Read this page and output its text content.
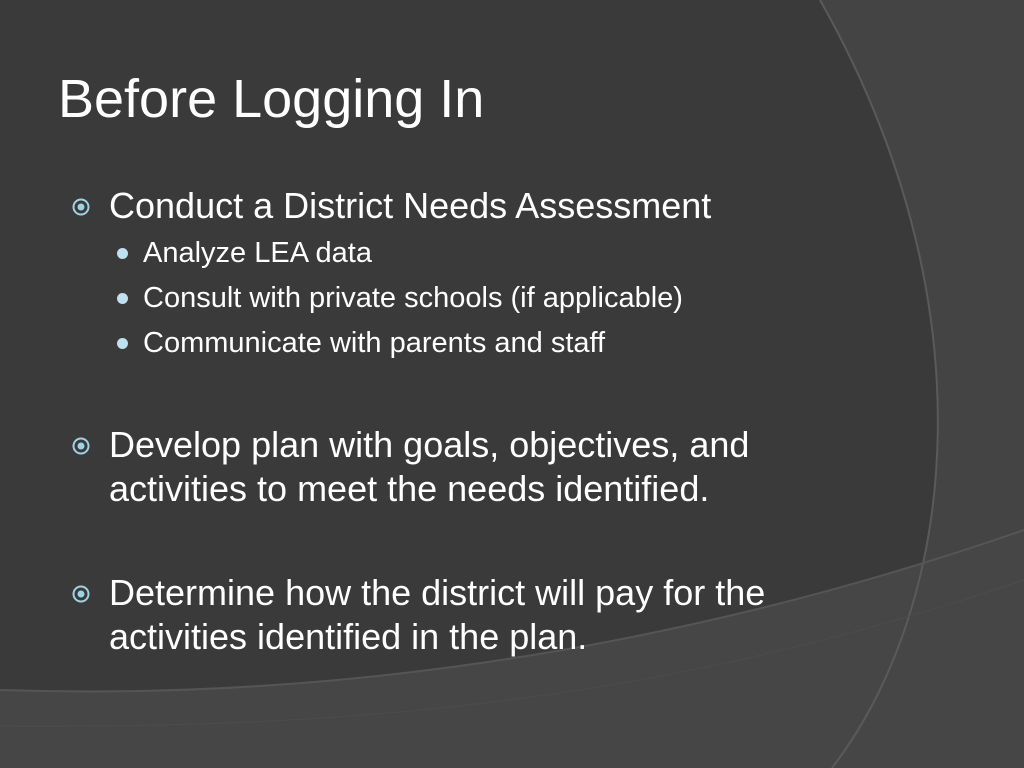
Before Logging In
Conduct a District Needs Assessment
Analyze LEA data
Consult with private schools (if applicable)
Communicate with parents and staff
Develop plan with goals, objectives, and
activities to meet the needs identified.
Determine how the district will pay for the
activities identified in the plan.
